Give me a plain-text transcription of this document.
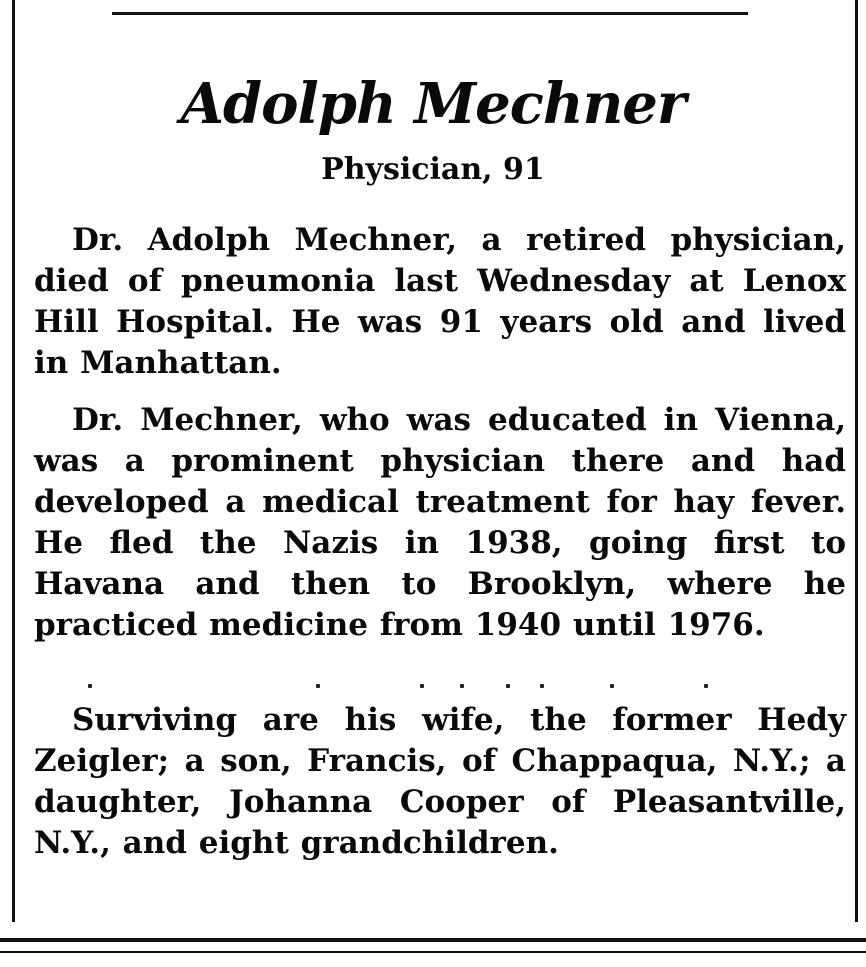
Adolph Mechner
Physician, 91

Dr. Adolph Mechner, a retired physician, died of pneumonia last Wednesday at Lenox Hill Hospital. He was 91 years old and lived in Manhattan.

Dr. Mechner, who was educated in Vienna, was a prominent physician there and had developed a medical treatment for hay fever. He fled the Nazis in 1938, going first to Havana and then to Brooklyn, where he practiced medicine from 1940 until 1976.

Surviving are his wife, the former Hedy Zeigler; a son, Francis, of Chappaqua, N.Y.; a daughter, Johanna Cooper of Pleasantville, N.Y., and eight grandchildren.
